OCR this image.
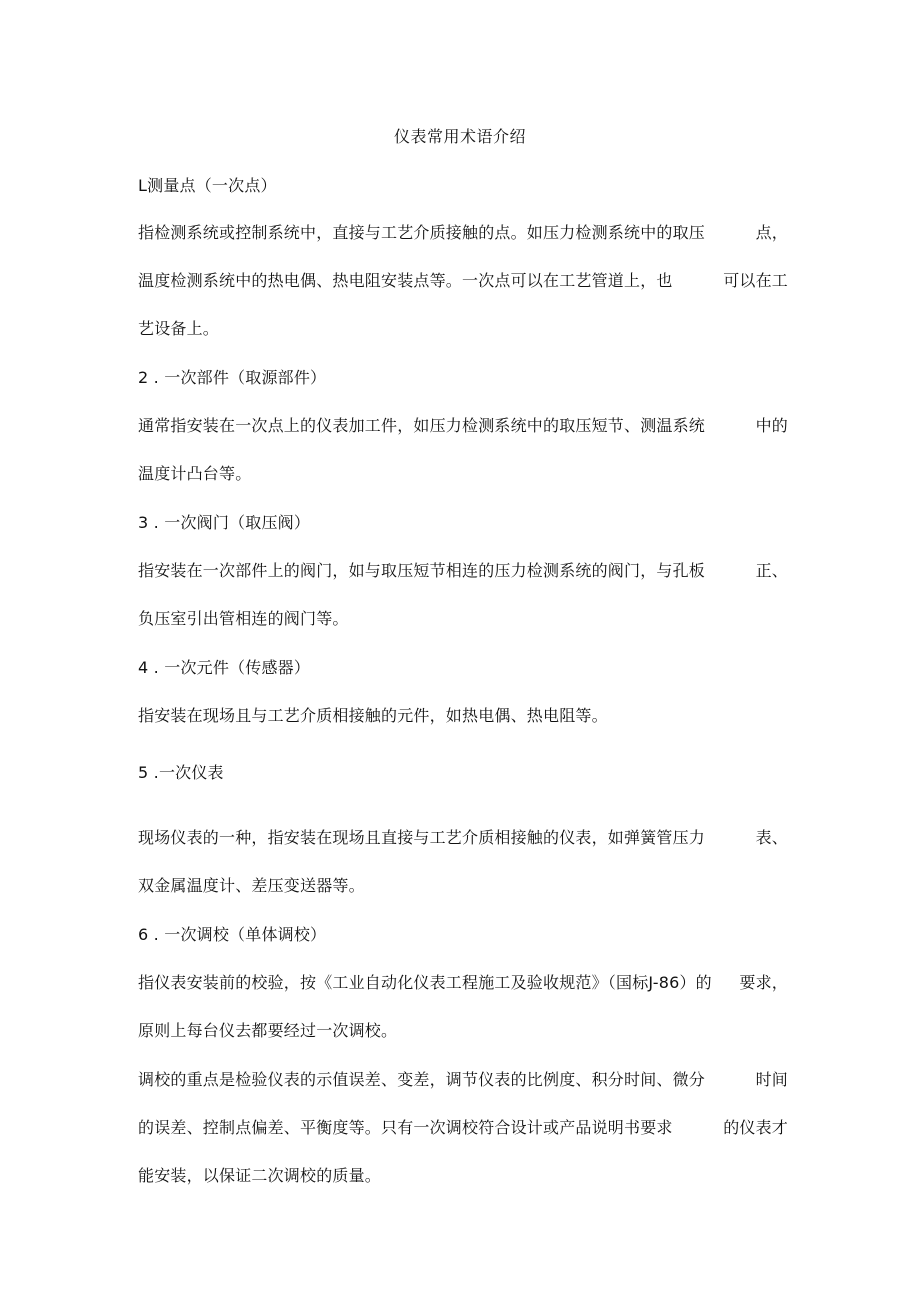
仪表常用术语介绍
L测量点（一次点）
指检测系统或控制系统中，直接与工艺介质接触的点。如压力检测系统中的取压	点，
温度检测系统中的热电偶、热电阻安装点等。一次点可以在工艺管道上，也	可以在工
艺设备上。
2 . 一次部件（取源部件）
通常指安装在一次点上的仪表加工件，如压力检测系统中的取压短节、测温系统	中的
温度计凸台等。
3 . 一次阀门（取压阀）
指安装在一次部件上的阀门，如与取压短节相连的压力检测系统的阀门，与孔板	正、
负压室引出管相连的阀门等。
4 . 一次元件（传感器）
指安装在现场且与工艺介质相接触的元件，如热电偶、热电阻等。
5 .一次仪表
现场仪表的一种，指安装在现场且直接与工艺介质相接触的仪表，如弹簧管压力	表、
双金属温度计、差压变送器等。
6 . 一次调校（单体调校）
指仪表安装前的校验，按《工业自动化仪表工程施工及验收规范》（国标J-86）的 要求，
原则上每台仪去都要经过一次调校。
调校的重点是检验仪表的示值误差、变差，调节仪表的比例度、积分时间、微分	时间
的误差、控制点偏差、平衡度等。只有一次调校符合设计或产品说明书要求	的仪表才
能安装，以保证二次调校的质量。
